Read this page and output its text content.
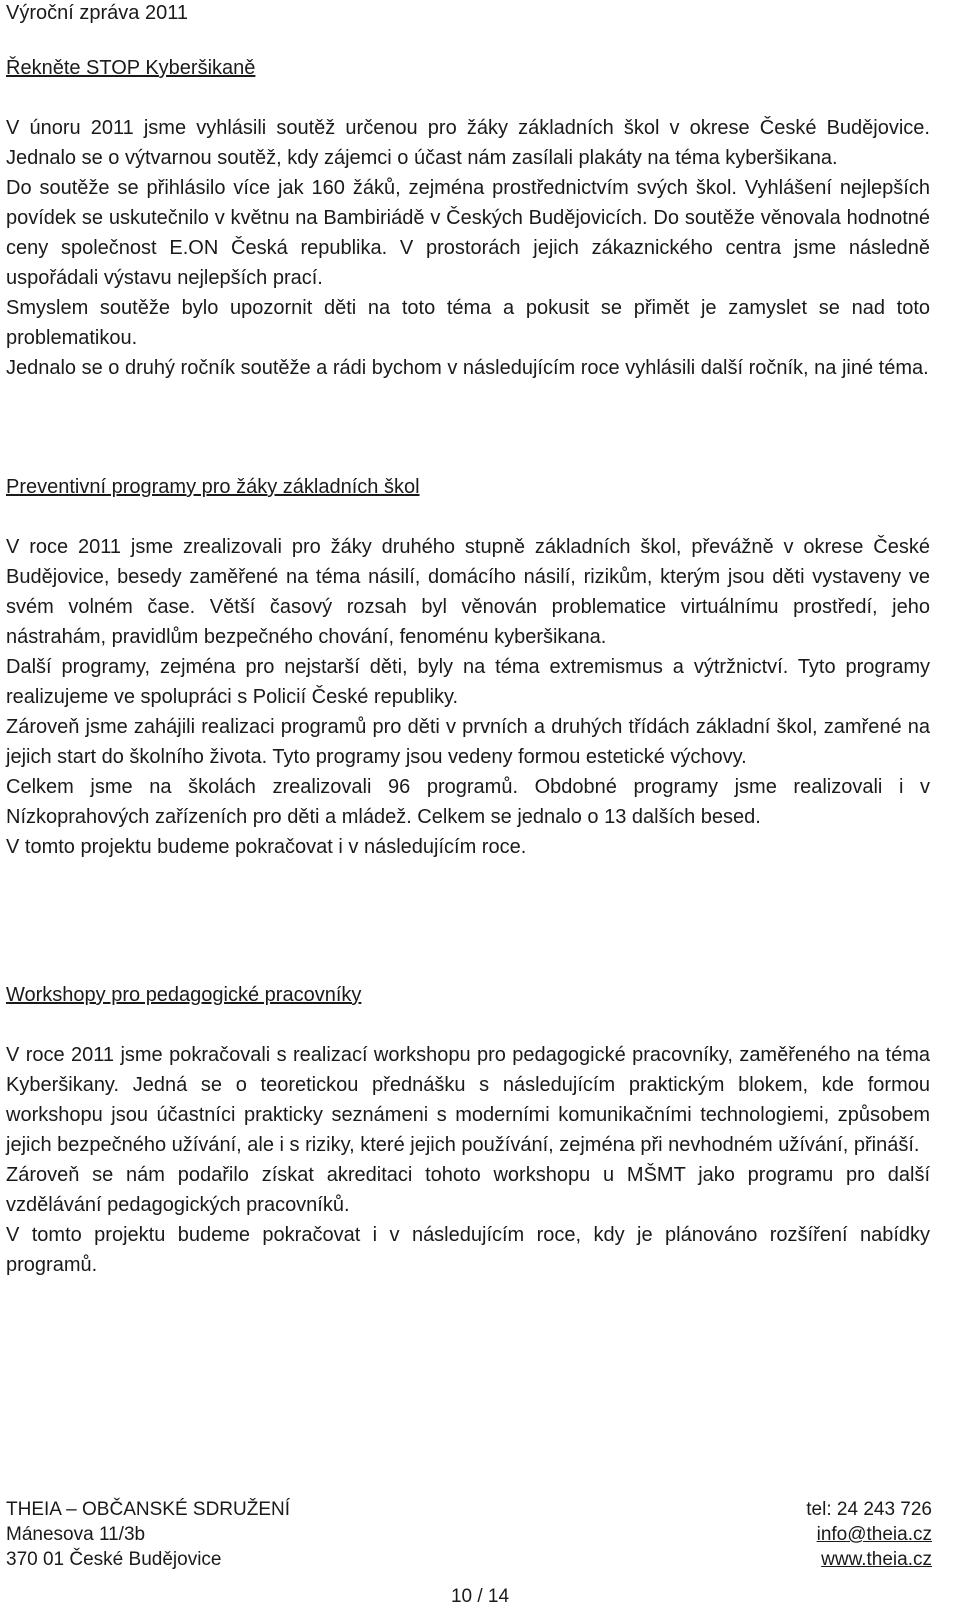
Výroční zpráva 2011
Řekněte STOP Kyberšikaně

V únoru 2011 jsme vyhlásili soutěž určenou pro žáky základních škol v okrese České Budějovice. Jednalo se o výtvarnou soutěž, kdy zájemci o účast nám zasílali plakáty na téma kyberšikana.

Do soutěže se přihlásilo více jak 160 žáků, zejména prostřednictvím svých škol. Vyhlášení nejlepších povídek se uskutečnilo v květnu na Bambiriádě v Českých Budějovicích. Do soutěže věnovala hodnotné ceny společnost E.ON Česká republika. V prostorách jejich zákaznického centra jsme následně uspořádali výstavu nejlepších prací.

Smyslem soutěže bylo upozornit děti na toto téma a pokusit se přimět je zamyslet se nad toto problematikou.

Jednalo se o druhý ročník soutěže a rádi bychom v následujícím roce vyhlásili další ročník, na jiné téma.

Preventivní programy pro žáky základních škol

V roce 2011 jsme zrealizovali pro žáky druhého stupně základních škol, převážně v okrese České Budějovice, besedy zaměřené na téma násilí, domácího násilí, rizikům, kterým jsou děti vystaveny ve svém volném čase. Větší časový rozsah byl věnován problematice virtuálnímu prostředí, jeho nástrahám, pravidlům bezpečného chování, fenoménu kyberšikana.

Další programy, zejména pro nejstarší děti, byly na téma extremismus a výtržnictví. Tyto programy realizujeme ve spolupráci s Policií České republiky.

Zároveň jsme zahájili realizaci programů pro děti v prvních a druhých třídách základní škol, zamřené na jejich start do školního života. Tyto programy jsou vedeny formou estetické výchovy.

Celkem jsme na školách zrealizovali 96 programů. Obdobné programy jsme realizovali i v Nízkoprahových zařízeních pro děti a mládež. Celkem se jednalo o 13 dalších besed.

V tomto projektu budeme pokračovat i v následujícím roce.

Workshopy pro pedagogické pracovníky

V roce 2011 jsme pokračovali s realizací workshopu pro pedagogické pracovníky, zaměřeného na téma Kyberšikany. Jedná se o teoretickou přednášku s následujícím praktickým blokem, kde formou workshopu jsou účastníci prakticky seznámeni s moderními komunikačními technologiemi, způsobem jejich bezpečného užívání, ale i s riziky, které jejich používání, zejména při nevhodném užívání, přináší.

Zároveň se nám podařilo získat akreditaci tohoto workshopu u MŠMT jako programu pro další vzdělávání pedagogických pracovníků.

V tomto projektu budeme pokračovat i v následujícím roce, kdy je plánováno rozšíření nabídky programů.

THEIA – OBČANSKÉ SDRUŽENÍ
Mánesova 11/3b
370 01 České Budějovice
tel: 24 243 726
info@theia.cz
www.theia.cz
10 / 14
